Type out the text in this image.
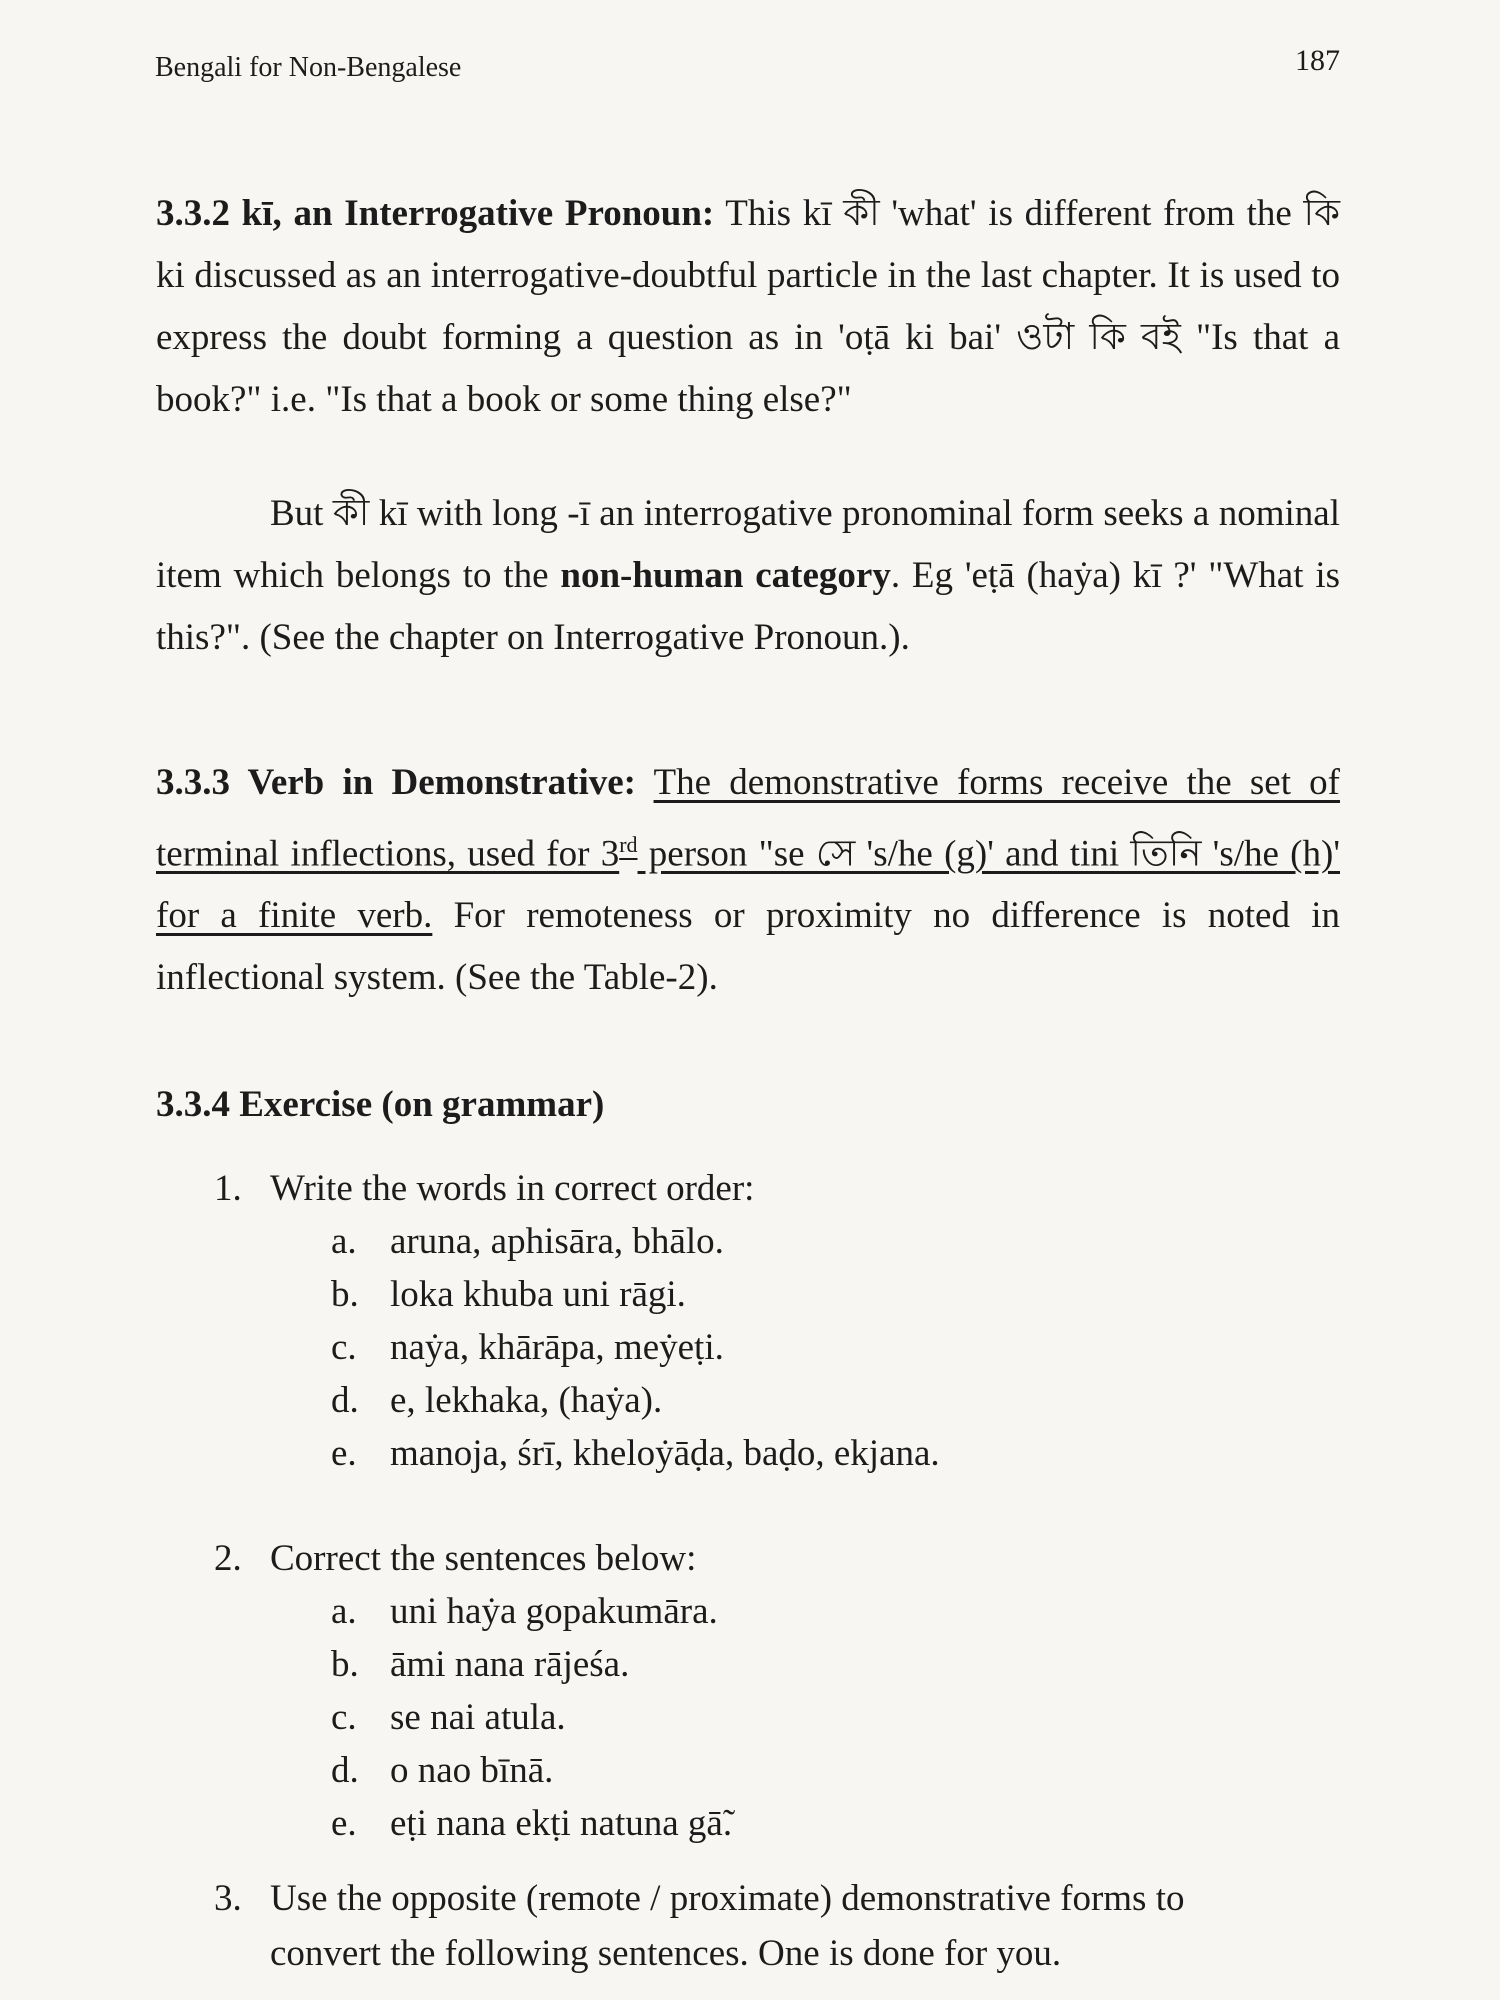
Bengali for Non-Bengalese	187

3.3.2 kī, an Interrogative Pronoun: This kī কী 'what' is different from the কি ki discussed as an interrogative-doubtful particle in the last chapter. It is used to express the doubt forming a question as in 'oṭā ki bai' ওটা কি বই "Is that a book?" i.e. "Is that a book or some thing else?"

But কী kī with long -ī an interrogative pronominal form seeks a nominal item which belongs to the non-human category. Eg 'eṭā (haẏa) kī ?' "What is this?". (See the chapter on Interrogative Pronoun.).

3.3.3 Verb in Demonstrative: The demonstrative forms receive the set of terminal inflections, used for 3rd person "se সে 's/he (g)' and tini তিনি 's/he (h)' for a finite verb. For remoteness or proximity no difference is noted in inflectional system. (See the Table-2).

3.3.4 Exercise (on grammar)

1. Write the words in correct order:
a. aruna, aphisāra, bhālo.
b. loka khuba uni rāgi.
c. naẏa, khārāpa, meẏeṭi.
d. e, lekhaka, (haẏa).
e. manoja, śrī, kheloẏāḍa, baḍo, ekjana.
2. Correct the sentences below:
a. uni haẏa gopakumāra.
b. āmi nana rājeśa.
c. se nai atula.
d. o nao bīnā.
e. eṭi nana ekṭi natuna gā̃.
3. Use the opposite (remote / proximate) demonstrative forms to
convert the following sentences. One is done for you.
